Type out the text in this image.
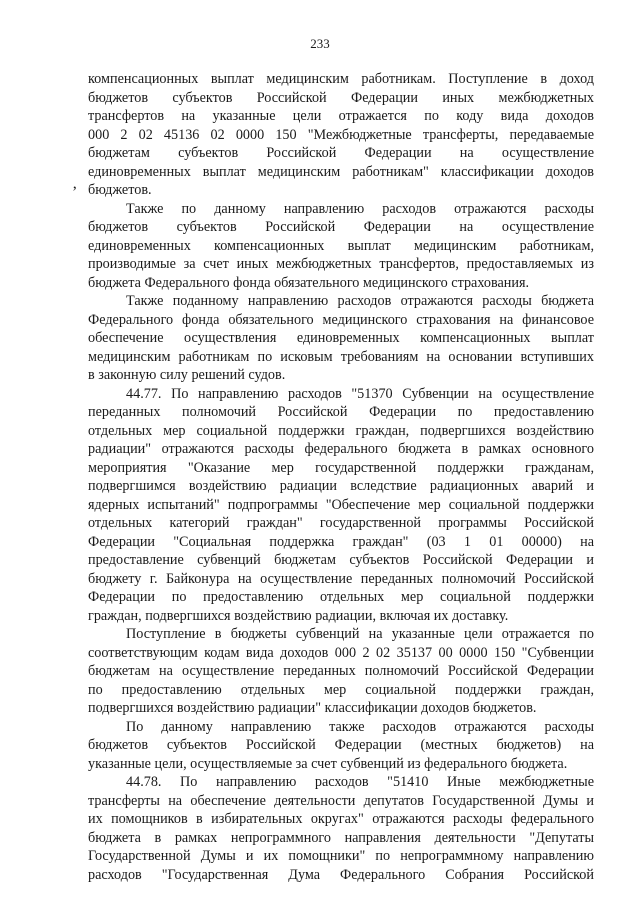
233
‚
компенсационных выплат медицинским работникам. Поступление в доход
бюджетов субъектов Российской Федерации иных межбюджетных
трансфертов на указанные цели отражается по коду вида доходов
000 2 02 45136 02 0000 150 "Межбюджетные трансферты, передаваемые
бюджетам субъектов Российской Федерации на осуществление
единовременных выплат медицинским работникам" классификации доходов
бюджетов.
Также по данному направлению расходов отражаются расходы
бюджетов субъектов Российской Федерации на осуществление
единовременных компенсационных выплат медицинским работникам,
производимые за счет иных межбюджетных трансфертов, предоставляемых из
бюджета Федерального фонда обязательного медицинского страхования.
Также поданному направлению расходов отражаются расходы бюджета
Федерального фонда обязательного медицинского страхования на финансовое
обеспечение осуществления единовременных компенсационных выплат
медицинским работникам по исковым требованиям на основании вступивших
в законную силу решений судов.
44.77. По направлению расходов "51370 Субвенции на осуществление
переданных полномочий Российской Федерации по предоставлению
отдельных мер социальной поддержки граждан, подвергшихся воздействию
радиации" отражаются расходы федерального бюджета в рамках основного
мероприятия "Оказание мер государственной поддержки гражданам,
подвергшимся воздействию радиации вследствие радиационных аварий и
ядерных испытаний" подпрограммы "Обеспечение мер социальной поддержки
отдельных категорий граждан" государственной программы Российской
Федерации "Социальная поддержка граждан" (03 1 01 00000) на
предоставление субвенций бюджетам субъектов Российской Федерации и
бюджету г. Байконура на осуществление переданных полномочий Российской
Федерации по предоставлению отдельных мер социальной поддержки
граждан, подвергшихся воздействию радиации, включая их доставку.
Поступление в бюджеты субвенций на указанные цели отражается по
соответствующим кодам вида доходов 000 2 02 35137 00 0000 150 "Субвенции
бюджетам на осуществление переданных полномочий Российской Федерации
по предоставлению отдельных мер социальной поддержки граждан,
подвергшихся воздействию радиации" классификации доходов бюджетов.
По данному направлению также расходов отражаются расходы
бюджетов субъектов Российской Федерации (местных бюджетов) на
указанные цели, осуществляемые за счет субвенций из федерального бюджета.
44.78. По направлению расходов "51410 Иные межбюджетные
трансферты на обеспечение деятельности депутатов Государственной Думы и
их помощников в избирательных округах" отражаются расходы федерального
бюджета в рамках непрограммного направления деятельности "Депутаты
Государственной Думы и их помощники" по непрограммному направлению
расходов "Государственная Дума Федерального Собрания Российской
